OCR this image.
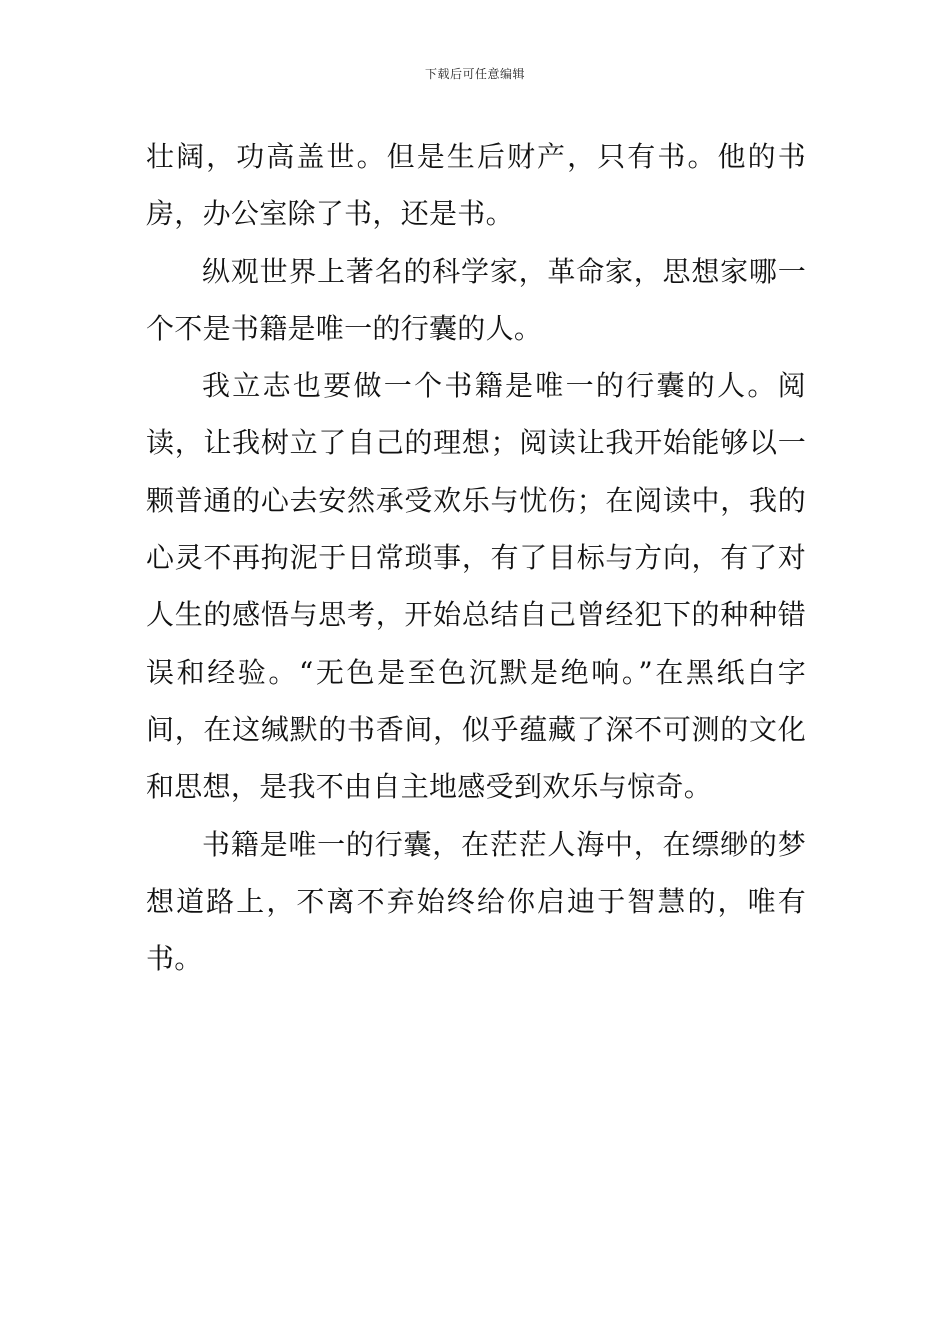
下载后可任意编辑

壮阔，功高盖世。但是生后财产，只有书。他的书房，办公室除了书，还是书。

纵观世界上著名的科学家，革命家，思想家哪一个不是书籍是唯一的行囊的人。

我立志也要做一个书籍是唯一的行囊的人。阅读，让我树立了自己的理想；阅读让我开始能够以一颗普通的心去安然承受欢乐与忧伤；在阅读中，我的心灵不再拘泥于日常琐事，有了目标与方向，有了对人生的感悟与思考，开始总结自己曾经犯下的种种错误和经验。“无色是至色沉默是绝响。”在黑纸白字间，在这缄默的书香间，似乎蕴藏了深不可测的文化和思想，是我不由自主地感受到欢乐与惊奇。

书籍是唯一的行囊，在茫茫人海中，在缥缈的梦想道路上，不离不弃始终给你启迪于智慧的，唯有书。
